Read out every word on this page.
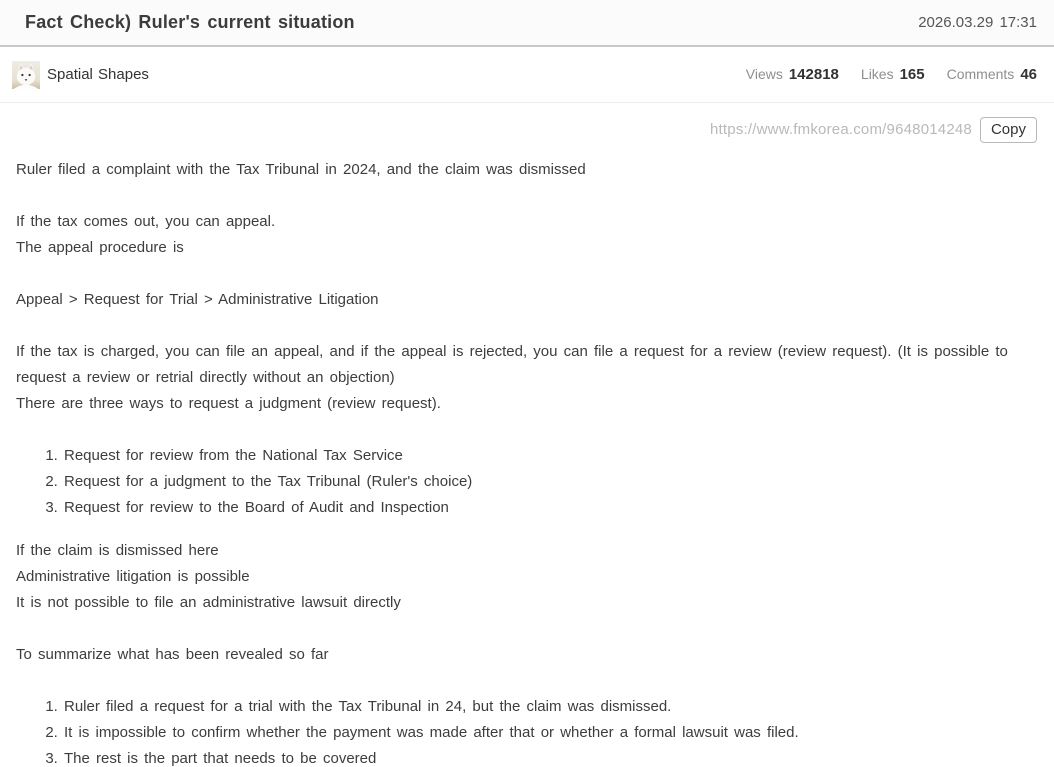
Fact Check) Ruler's current situation	2026.03.29 17:31
Spatial Shapes	Views 142818 Likes 165 Comments 46
https://www.fmkorea.com/9648014248	Copy

Ruler filed a complaint with the Tax Tribunal in 2024, and the claim was dismissed

If the tax comes out, you can appeal.
The appeal procedure is

Appeal > Request for Trial > Administrative Litigation

If the tax is charged, you can file an appeal, and if the appeal is rejected, you can file a request for a review (review request). (It is possible to request a review or retrial directly without an objection)
There are three ways to request a judgment (review request).

1. Request for review from the National Tax Service
2. Request for a judgment to the Tax Tribunal (Ruler's choice)
3. Request for review to the Board of Audit and Inspection

If the claim is dismissed here
Administrative litigation is possible
It is not possible to file an administrative lawsuit directly

To summarize what has been revealed so far

1. Ruler filed a request for a trial with the Tax Tribunal in 24, but the claim was dismissed.
2. It is impossible to confirm whether the payment was made after that or whether a formal lawsuit was filed.
3. The rest is the part that needs to be covered
